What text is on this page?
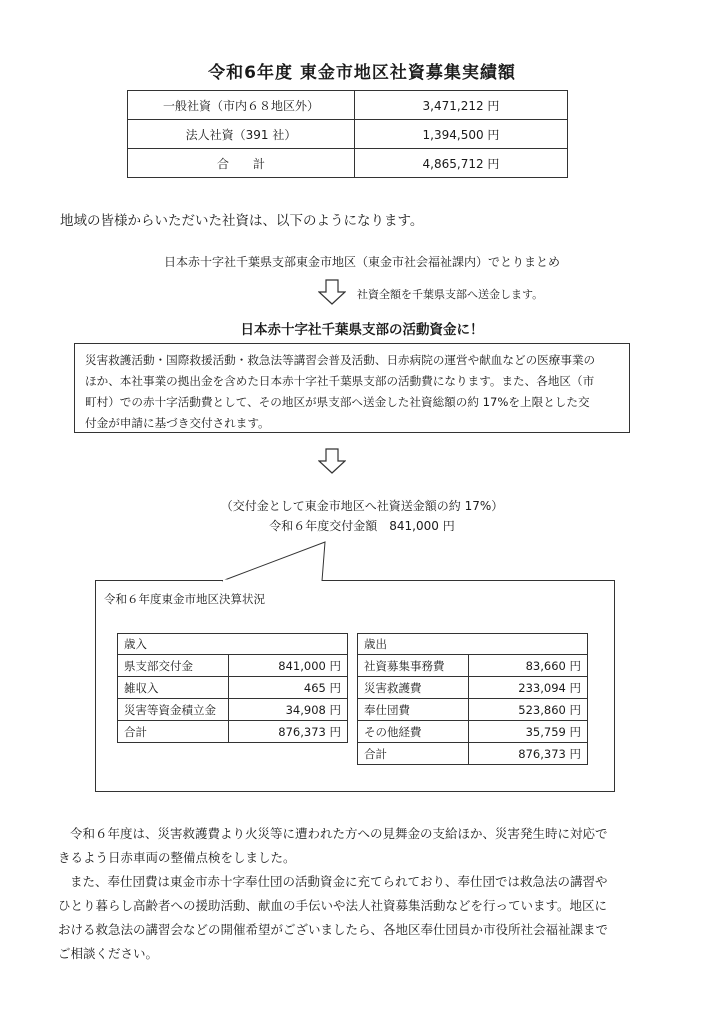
令和6年度 東金市地区社資募集実績額
一般社資（市内６８地区外）	3,471,212 円
法人社資（391 社）	1,394,500 円
合　　計	4,865,712 円
地域の皆様からいただいた社資は、以下のようになります。
日本赤十字社千葉県支部東金市地区（東金市社会福祉課内）でとりまとめ
社資全額を千葉県支部へ送金します。
日本赤十字社千葉県支部の活動資金に！
災害救護活動・国際救援活動・救急法等講習会普及活動、日赤病院の運営や献血などの医療事業の
ほか、本社事業の拠出金を含めた日本赤十字社千葉県支部の活動費になります。また、各地区（市
町村）での赤十字活動費として、その地区が県支部へ送金した社資総額の約 17%を上限とした交
付金が申請に基づき交付されます。
（交付金として東金市地区へ社資送金額の約 17%）
令和６年度交付金額　841,000 円
令和６年度東金市地区決算状況
歳入	
県支部交付金	841,000 円
雑収入	465 円
災害等資金積立金	34,908 円
合計	876,373 円
歳出	
社資募集事務費	83,660 円
災害救護費	233,094 円
奉仕団費	523,860 円
その他経費	35,759 円
合計	876,373 円
令和６年度は、災害救護費より火災等に遭われた方への見舞金の支給ほか、災害発生時に対応で
きるよう日赤車両の整備点検をしました。
また、奉仕団費は東金市赤十字奉仕団の活動資金に充てられており、奉仕団では救急法の講習や
ひとり暮らし高齢者への援助活動、献血の手伝いや法人社資募集活動などを行っています。地区に
おける救急法の講習会などの開催希望がございましたら、各地区奉仕団員か市役所社会福祉課まで
ご相談ください。
